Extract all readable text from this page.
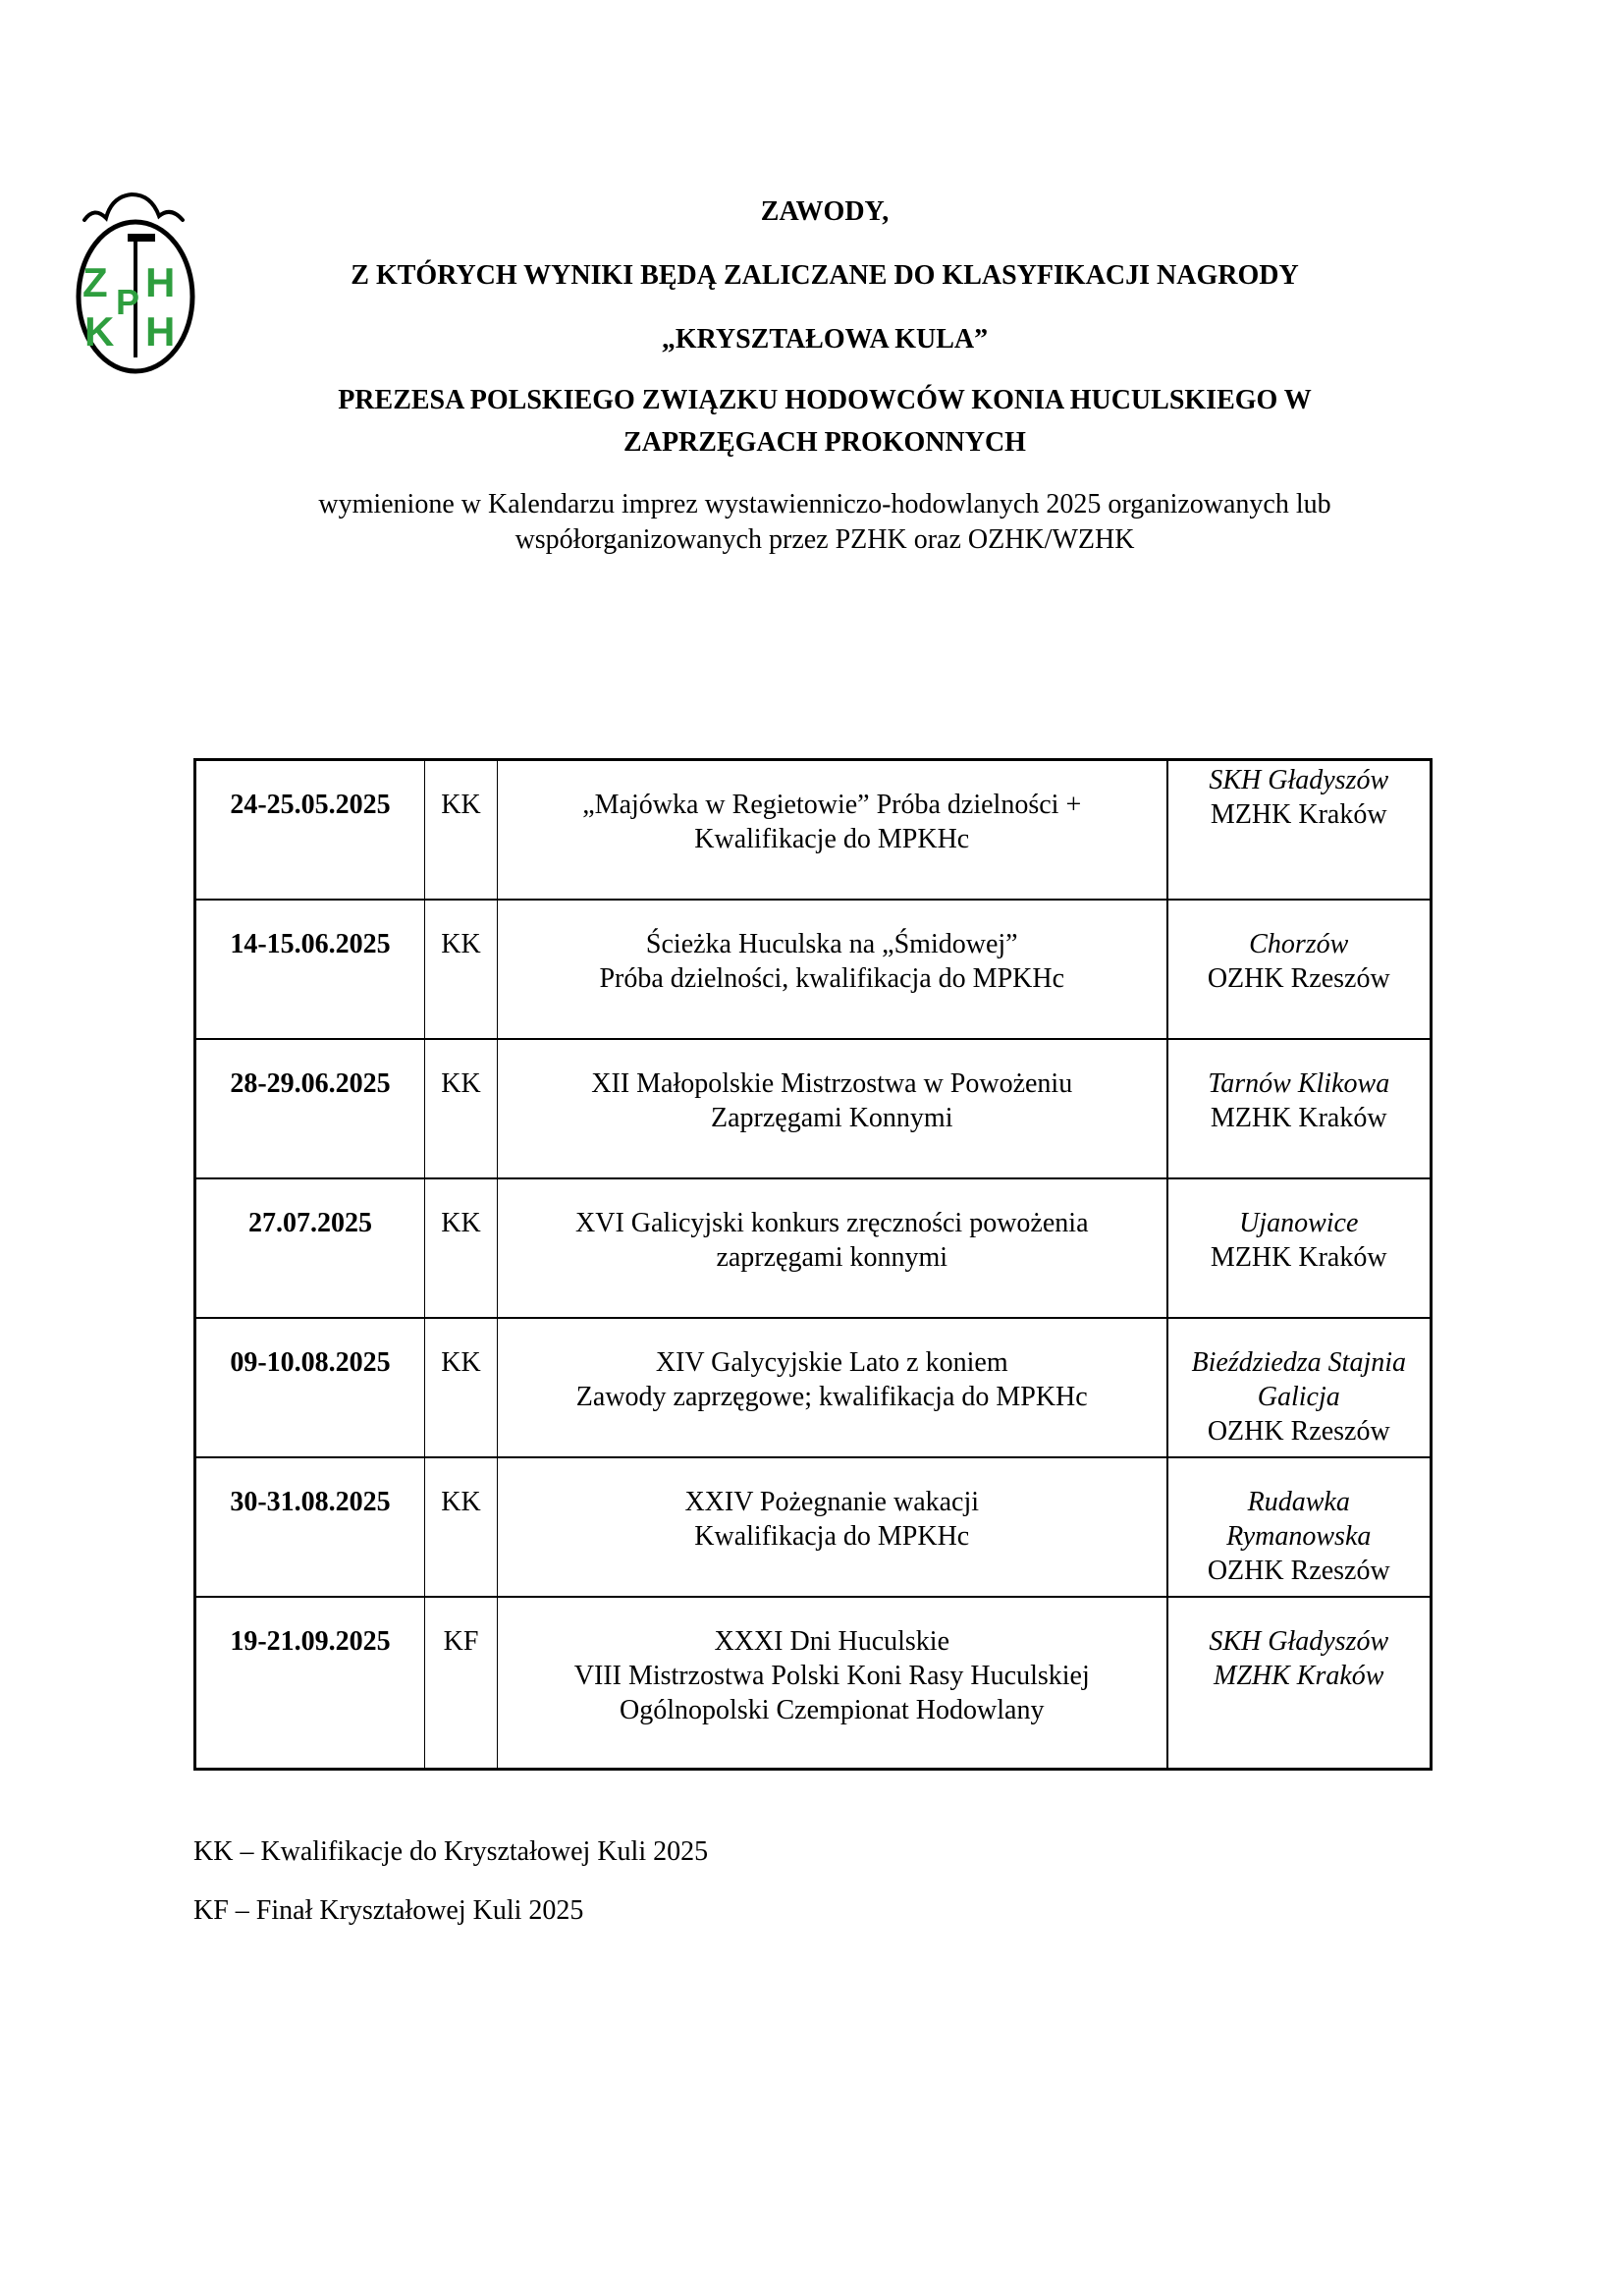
Z H
P
K H
ZAWODY,
Z KTÓRYCH WYNIKI BĘDĄ ZALICZANE DO KLASYFIKACJI NAGRODY
„KRYSZTAŁOWA KULA”
PREZESA POLSKIEGO ZWIĄZKU HODOWCÓW KONIA HUCULSKIEGO W
ZAPRZĘGACH PROKONNYCH
wymienione w Kalendarzu imprez wystawienniczo-hodowlanych 2025 organizowanych lub
współorganizowanych przez PZHK oraz OZHK/WZHK
24-25.05.2025	KK	„Majówka w Regietowie” Próba dzielności +
Kwalifikacje do MPKHc	SKH Gładyszów
MZHK Kraków

14-15.06.2025	KK	Ścieżka Huculska na „Śmidowej”
Próba dzielności, kwalifikacja do MPKHc	Chorzów
OZHK Rzeszów

28-29.06.2025	KK	XII Małopolskie Mistrzostwa w Powożeniu
Zaprzęgami Konnymi	Tarnów Klikowa
MZHK Kraków

27.07.2025	KK	XVI Galicyjski konkurs zręczności powożenia
zaprzęgami konnymi	Ujanowice
MZHK Kraków

09-10.08.2025	KK	XIV Galycyjskie Lato z koniem
Zawody zaprzęgowe; kwalifikacja do MPKHc	Bieździedza Stajnia
Galicja
OZHK Rzeszów

30-31.08.2025	KK	XXIV Pożegnanie wakacji
Kwalifikacja do MPKHc	Rudawka
Rymanowska
OZHK Rzeszów

19-21.09.2025	KF	XXXI Dni Huculskie
VIII Mistrzostwa Polski Koni Rasy Huculskiej
Ogólnopolski Czempionat Hodowlany	SKH Gładyszów
MZHK Kraków
KK – Kwalifikacje do Kryształowej Kuli 2025
KF – Finał Kryształowej Kuli 2025
